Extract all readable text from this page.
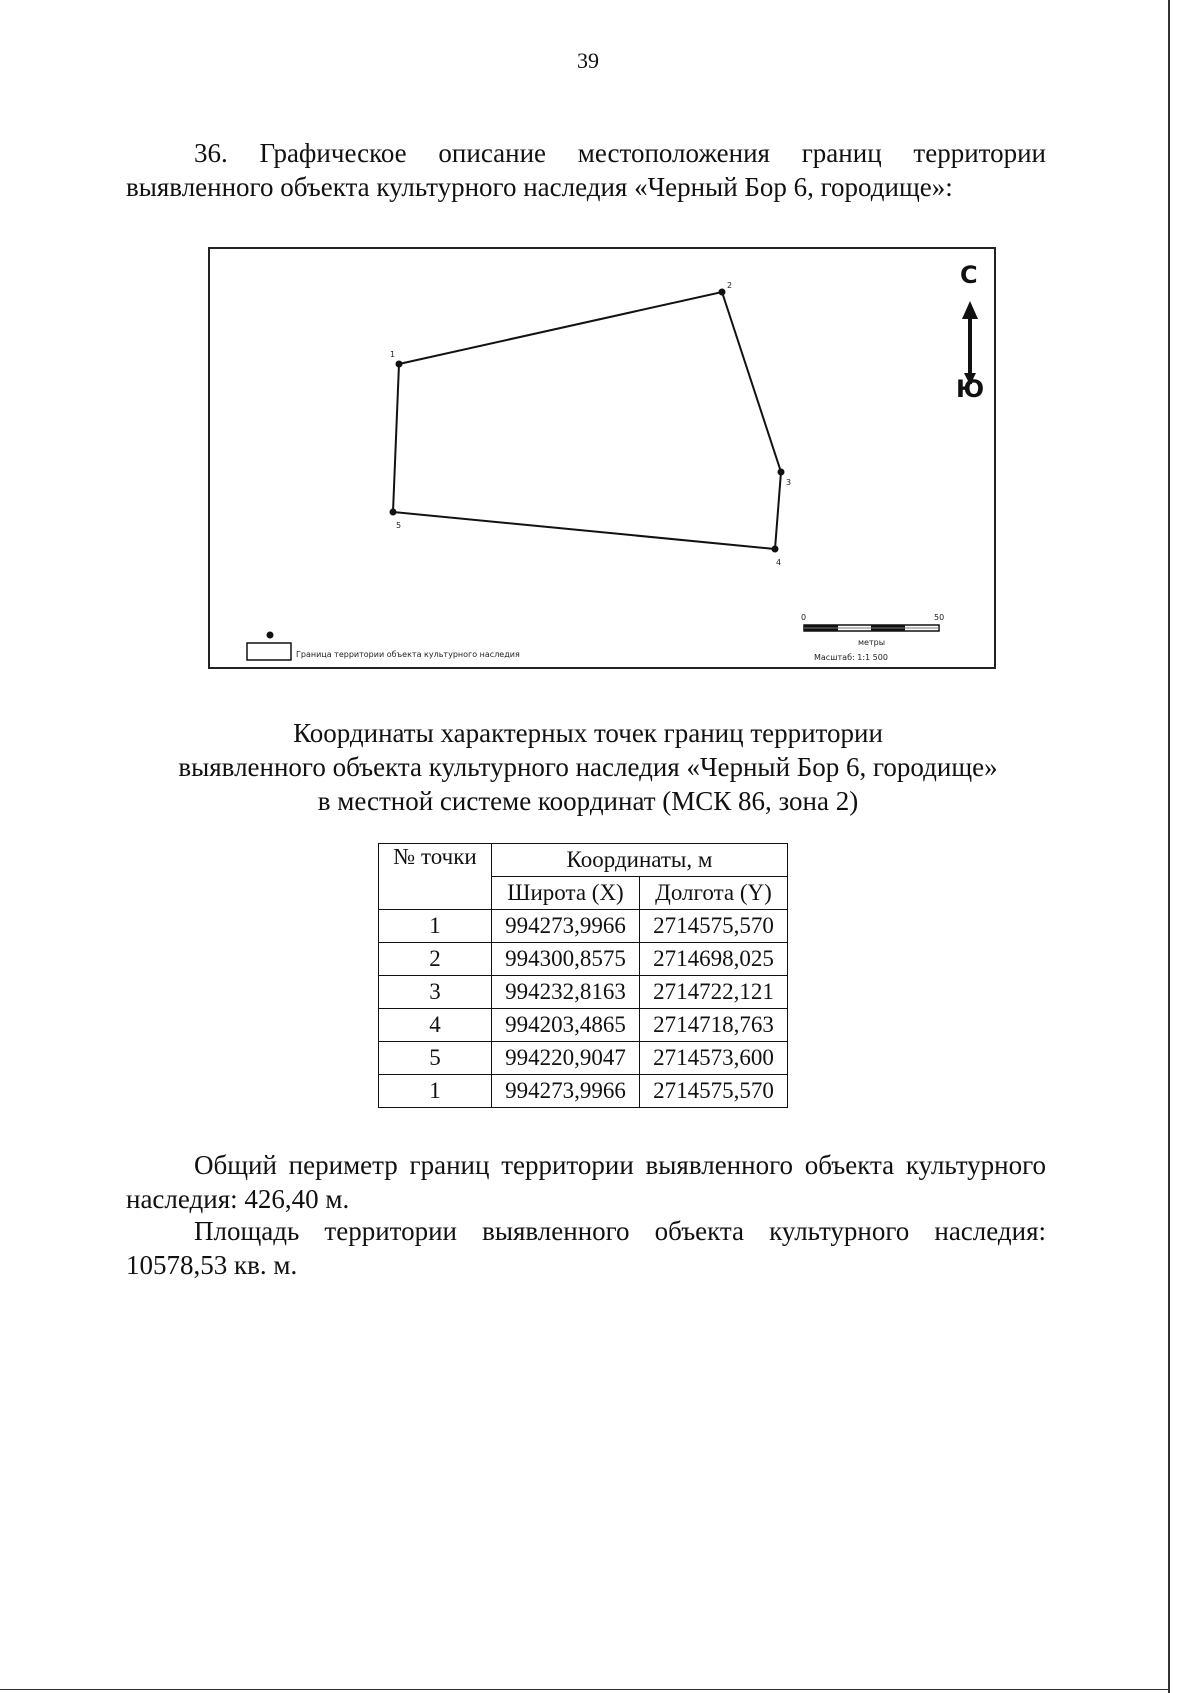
39
36. Графическое описание местоположения границ территории выявленного объекта культурного наследия «Черный Бор 6, городище»:
1
2
3
4
5
0	50
метры
Масштаб: 1:1 500
Граница территории объекта культурного наследия
С
Ю
Координаты характерных точек границ территории
выявленного объекта культурного наследия «Черный Бор 6, городище»
в местной системе координат (МСК 86, зона 2)
№ точки	Координаты, м	
	Широта (X)	Долгота (Y)
1	994273,9966	2714575,570
2	994300,8575	2714698,025
3	994232,8163	2714722,121
4	994203,4865	2714718,763
5	994220,9047	2714573,600
1	994273,9966	2714575,570
Общий периметр границ территории выявленного объекта культурного наследия: 426,40 м.
Площадь территории выявленного объекта культурного наследия: 10578,53 кв. м.
